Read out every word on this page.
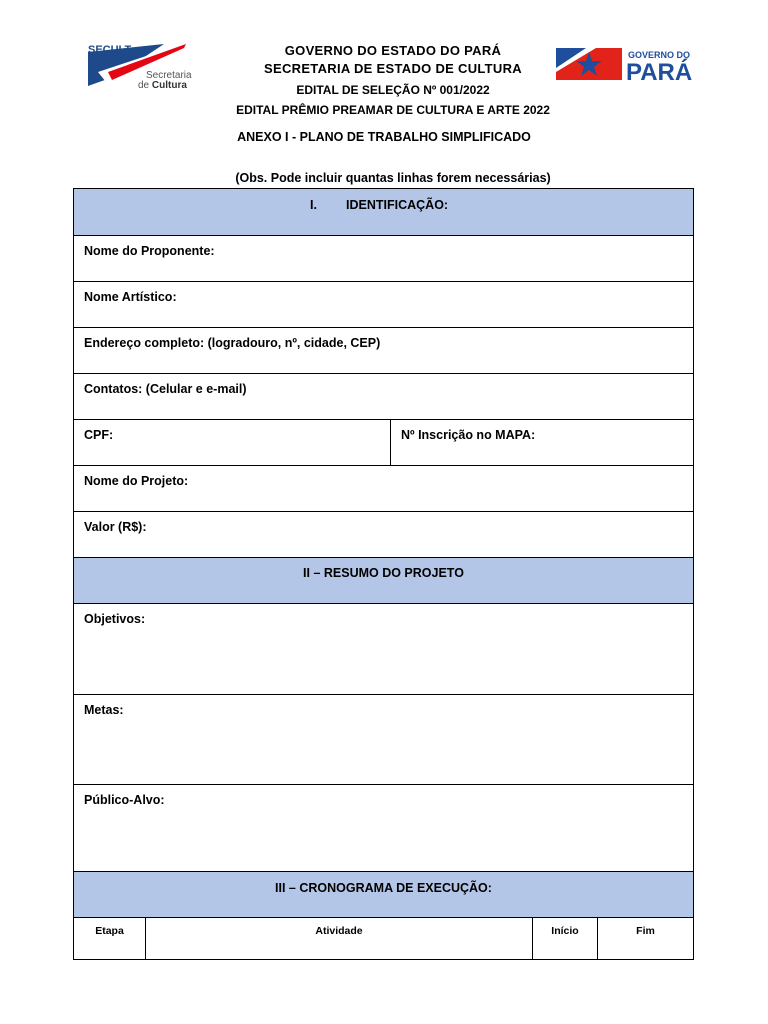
SECULT
Secretaria
de Cultura
GOVERNO DO ESTADO DO PARÁ
SECRETARIA DE ESTADO DE CULTURA
EDITAL DE SELEÇÃO Nº 001/2022
EDITAL PRÊMIO PREAMAR DE CULTURA E ARTE 2022
GOVERNO DO
PARÁ
ANEXO I - PLANO DE TRABALHO SIMPLIFICADO
(Obs. Pode incluir quantas linhas forem necessárias)
I. IDENTIFICAÇÃO:
Nome do Proponente:
Nome Artístico:
Endereço completo: (logradouro, nº, cidade, CEP)
Contatos: (Celular e e-mail)
CPF:	Nº Inscrição no MAPA:
Nome do Projeto:
Valor (R$):
II – RESUMO DO PROJETO
Objetivos:
Metas:
Público-Alvo:
III – CRONOGRAMA DE EXECUÇÃO:
Etapa	Atividade	Início	Fim
